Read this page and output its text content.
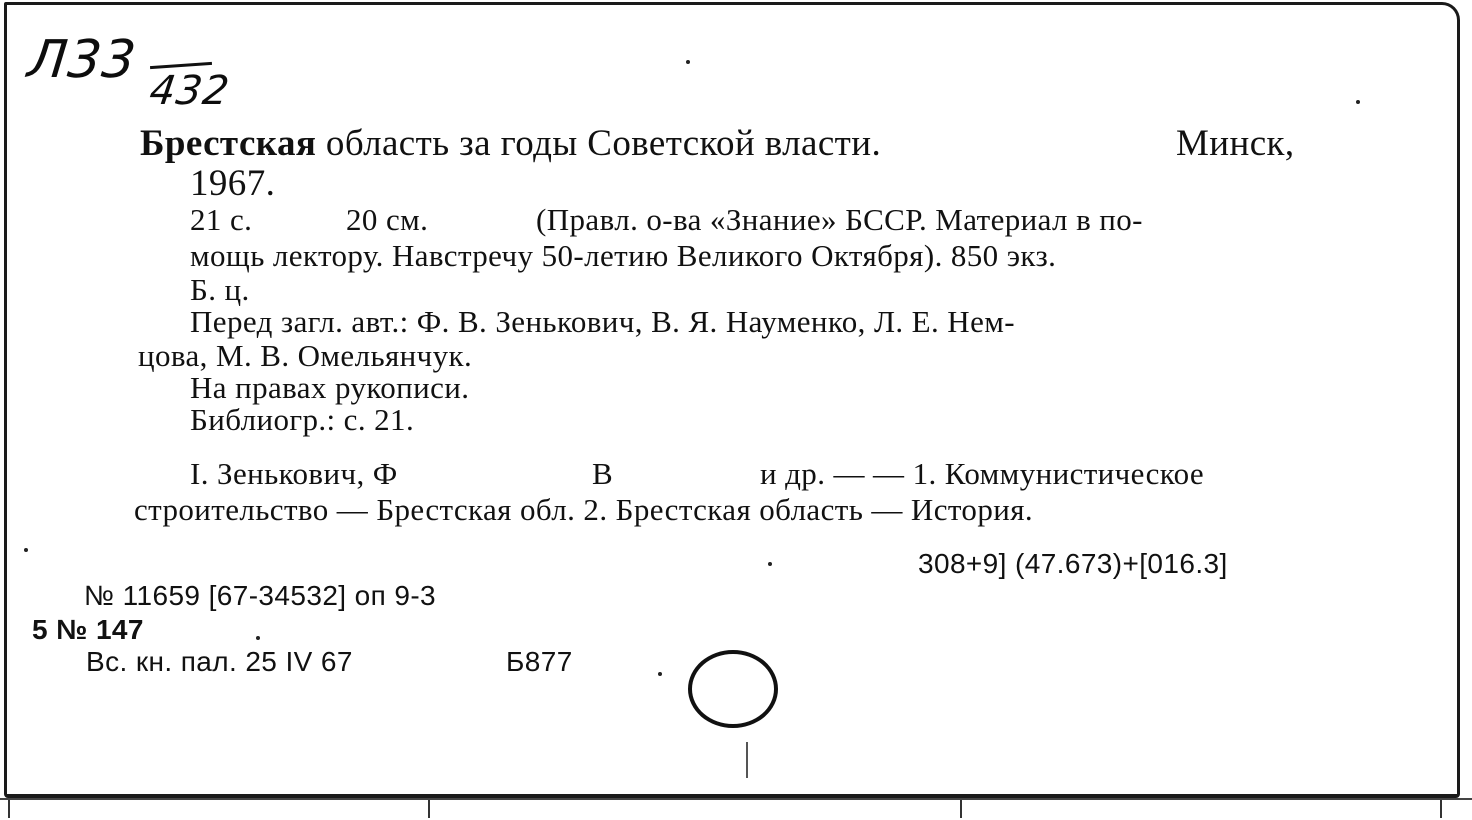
Л33
432
Брестская область за годы Советской власти.	Минск,
1967.
21 с.	20 см.	(Правл. о-ва «Знание» БССР. Материал в по-
мощь лектору. Навстречу 50-летию Великого Октября). 850 экз.
Б. ц.
Перед загл. авт.: Ф. В. Зенькович, В. Я. Науменко, Л. Е. Нем-
цова, М. В. Омельянчук.
На правах рукописи.
Библиогр.: с. 21.
I. Зенькович, Ф	В	и др. — — 1. Коммунистическое
строительство — Брестская обл. 2. Брестская область — История.
308+9] (47.673)+[016.3]
№ 11659 [67-34532] оп 9-3
5 № 147
Вс. кн. пал. 25 IV 67	Б877
